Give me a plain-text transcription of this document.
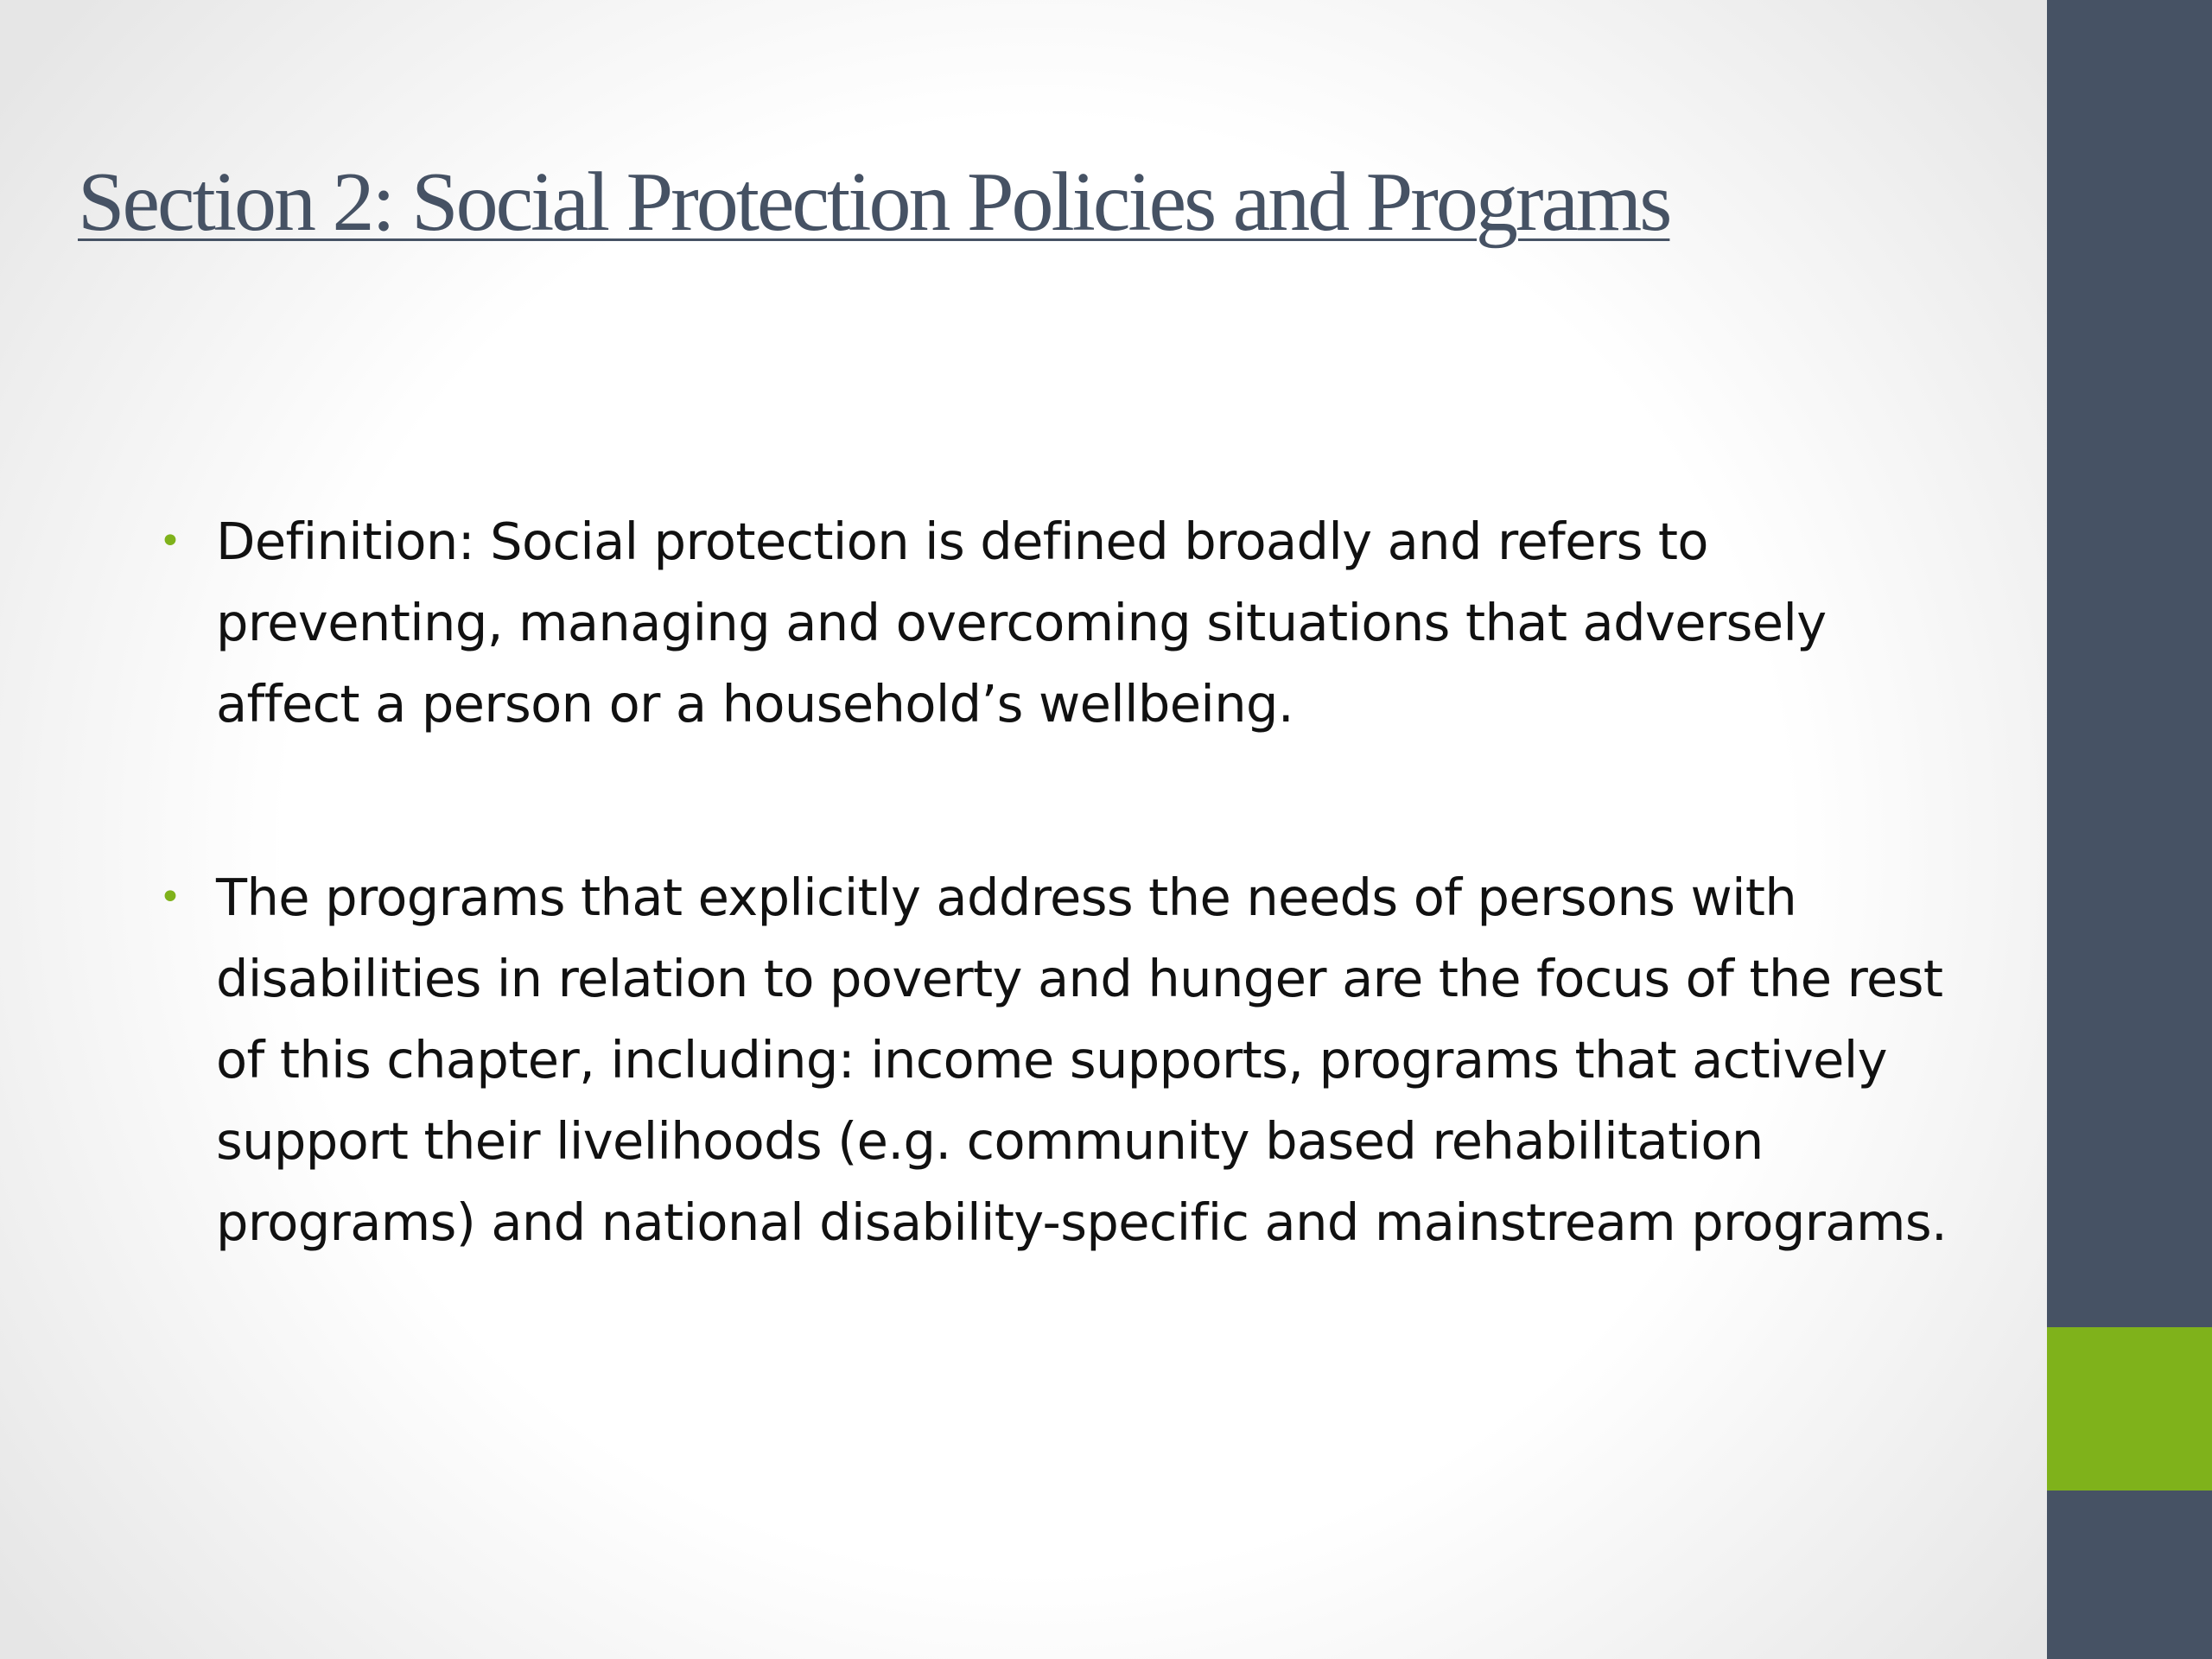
Section 2: Social Protection Policies and Programs
• Definition: Social protection is defined broadly and refers to preventing, managing and overcoming situations that adversely affect a person or a household’s wellbeing.
• The programs that explicitly address the needs of persons with disabilities in relation to poverty and hunger are the focus of the rest of this chapter, including: income supports, programs that actively support their livelihoods (e.g. community based rehabilitation programs) and national disability-specific and mainstream programs.
